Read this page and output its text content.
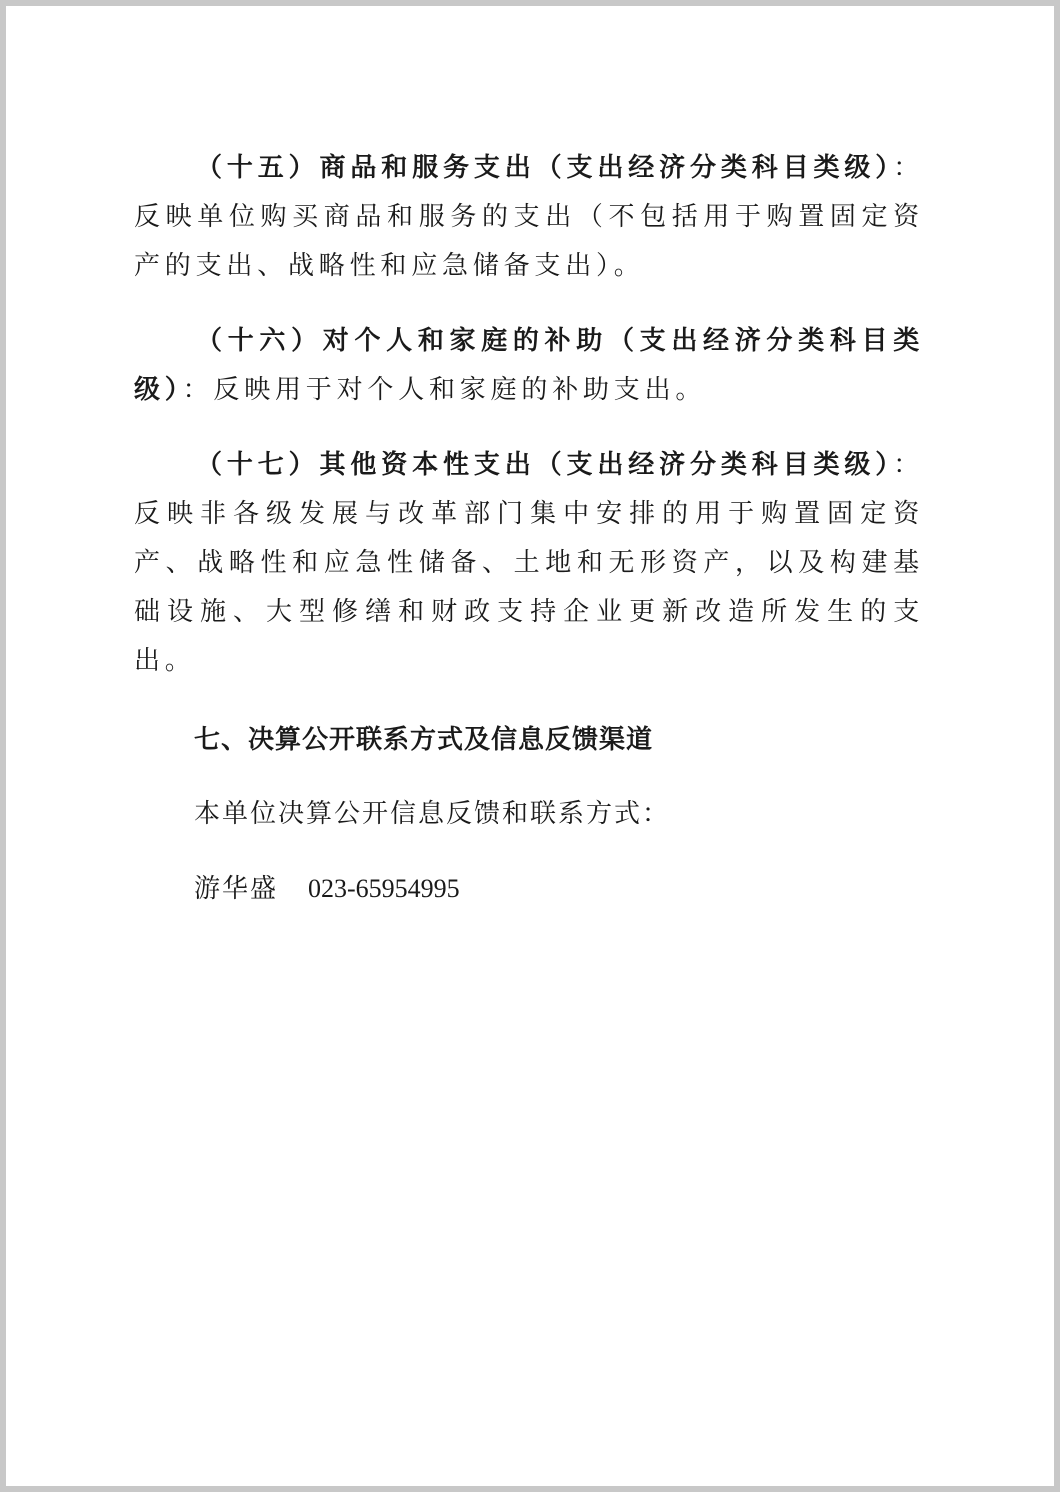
（十五）商品和服务支出（支出经济分类科目类级）：反映单位购买商品和服务的支出（不包括用于购置固定资产的支出、战略性和应急储备支出）。

（十六）对个人和家庭的补助（支出经济分类科目类级）：反映用于对个人和家庭的补助支出。

（十七）其他资本性支出（支出经济分类科目类级）：反映非各级发展与改革部门集中安排的用于购置固定资产、战略性和应急性储备、土地和无形资产，以及构建基础设施、大型修缮和财政支持企业更新改造所发生的支出。

七、决算公开联系方式及信息反馈渠道

本单位决算公开信息反馈和联系方式：

游华盛 023-65954995
